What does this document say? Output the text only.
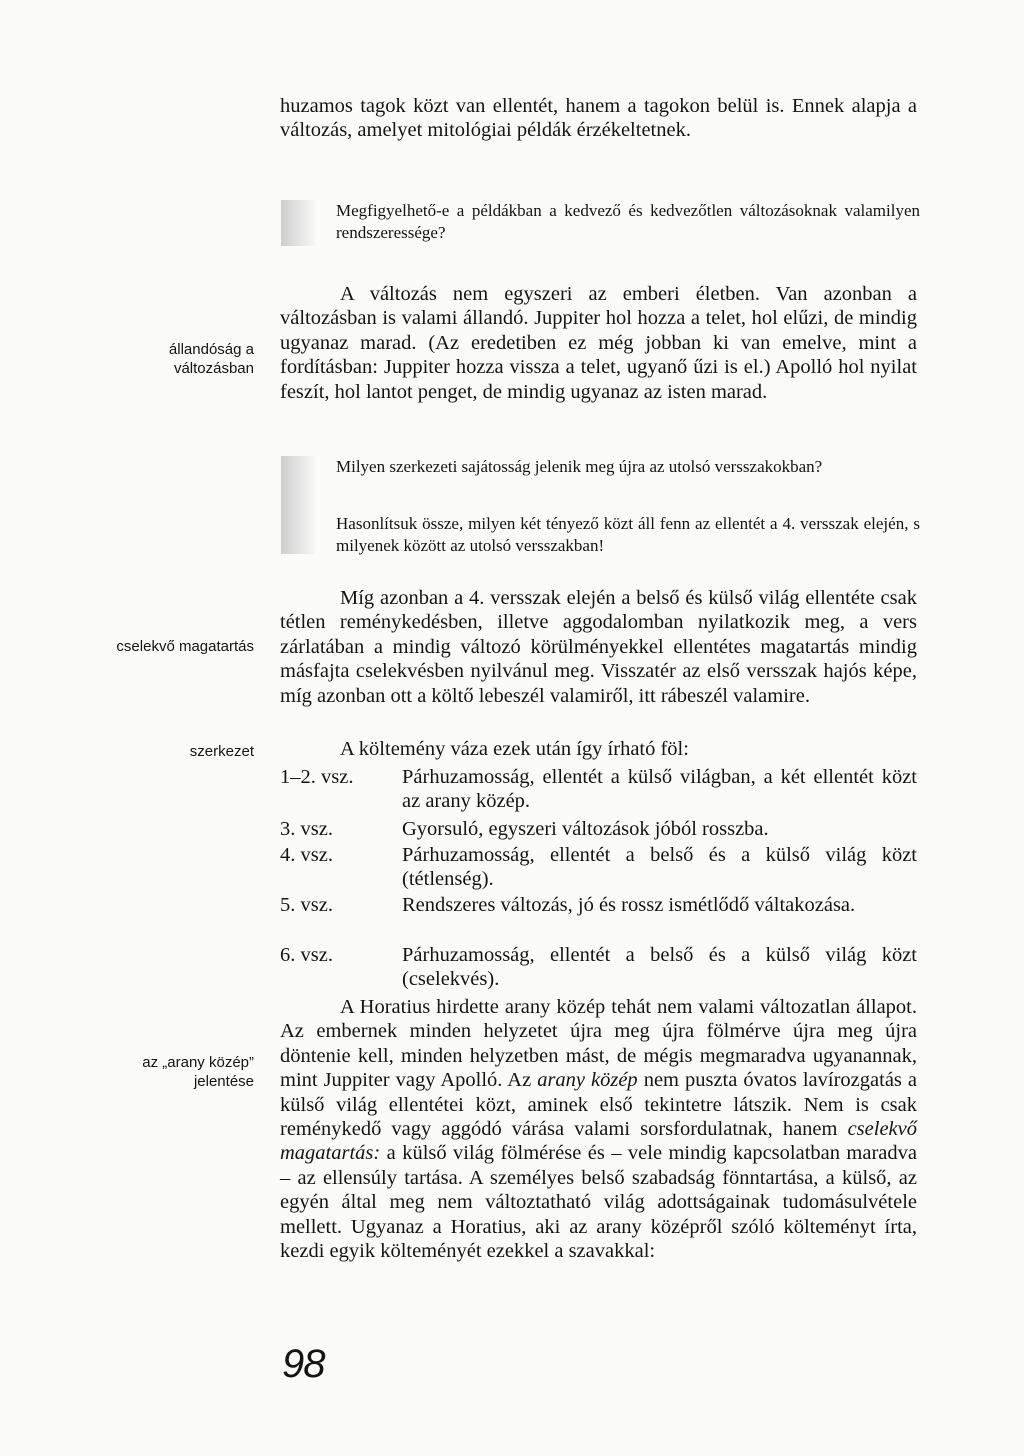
huzamos tagok közt van ellentét, hanem a tagokon belül is. Ennek alapja a változás, amelyet mitológiai példák érzékeltetnek.

Megfigyelhető-e a példákban a kedvező és kedvezőtlen változásoknak valamilyen rendszeressége?

állandóság a változásban

A változás nem egyszeri az emberi életben. Van azonban a változásban is valami állandó. Juppiter hol hozza a telet, hol elűzi, de mindig ugyanaz marad. (Az eredetiben ez még jobban ki van emelve, mint a fordításban: Juppiter hozza vissza a telet, ugyanő űzi is el.) Apolló hol nyilat feszít, hol lantot penget, de mindig ugyanaz az isten marad.

Milyen szerkezeti sajátosság jelenik meg újra az utolsó versszakokban?

Hasonlítsuk össze, milyen két tényező közt áll fenn az ellentét a 4. versszak elején, s milyenek között az utolsó versszakban!

cselekvő magatartás
szerkezet

Míg azonban a 4. versszak elején a belső és külső világ ellentéte csak tétlen reménykedésben, illetve aggodalomban nyilatkozik meg, a vers zárlatában a mindig változó körülményekkel ellentétes magatartás mindig másfajta cselekvésben nyilvánul meg. Visszatér az első versszak hajós képe, míg azonban ott a költő lebeszél valamiről, itt rábeszél valamire.

A költemény váza ezek után így írható föl:

1–2. vsz. Párhuzamosság, ellentét a külső világban, a két ellentét közt az arany közép.
3. vsz.	Gyorsuló, egyszeri változások jóból rosszba.
4. vsz.	Párhuzamosság, ellentét a belső és a külső világ közt (tétlenség).
5. vsz.	Rendszeres változás, jó és rossz ismétlődő váltakozása.
6. vsz.	Párhuzamosság, ellentét a belső és a külső világ közt (cselekvés).
az „arany közép” jelentése

A Horatius hirdette arany közép tehát nem valami változatlan állapot. Az embernek minden helyzetet újra meg újra fölmérve újra meg újra döntenie kell, minden helyzetben mást, de mégis megmaradva ugyanannak, mint Juppiter vagy Apolló. Az arany közép nem puszta óvatos lavírozgatás a külső világ ellentétei közt, aminek első tekintetre látszik. Nem is csak reménykedő vagy aggódó várása valami sorsfordulatnak, hanem cselekvő magatartás: a külső világ fölmérése és – vele mindig kapcsolatban maradva – az ellensúly tartása. A személyes belső szabadság fönntartása, a külső, az egyén által meg nem változtatható világ adottságainak tudomásulvétele mellett. Ugyanaz a Horatius, aki az arany középről szóló költeményt írta, kezdi egyik költeményét ezekkel a szavakkal:

98
